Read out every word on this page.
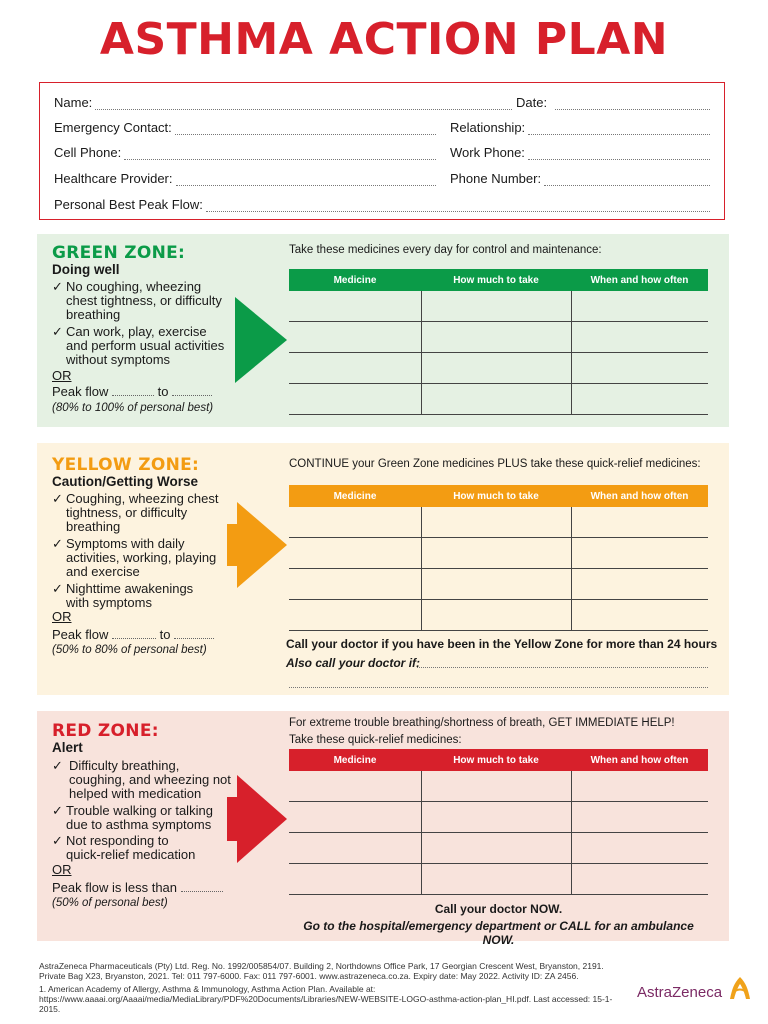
ASTHMA ACTION PLAN
Name:	Date:
Emergency Contact:	Relationship:
Cell Phone:	Work Phone:
Healthcare Provider:	Phone Number:
Personal Best Peak Flow:
GREEN ZONE:
Doing well
✓ No coughing, wheezing chest tightness, or difficulty breathing
✓ Can work, play, exercise and perform usual activities without symptoms
OR
Peak flow	to
(80% to 100% of personal best)
Take these medicines every day for control and maintenance:
Medicine	How much to take	When and how often

YELLOW ZONE:
Caution/Getting Worse
✓ Coughing, wheezing chest tightness, or difficulty breathing
✓ Symptoms with daily activities, working, playing and exercise
✓ Nighttime awakenings with symptoms
OR
Peak flow	to
(50% to 80% of personal best)
CONTINUE your Green Zone medicines PLUS take these quick-relief medicines:
Medicine	How much to take	When and how often

Call your doctor if you have been in the Yellow Zone for more than 24 hours
Also call your doctor if:
RED ZONE:
Alert
✓ Difficulty breathing, coughing, and wheezing not helped with medication
✓ Trouble walking or talking due to asthma symptoms
✓ Not responding to quick-relief medication
OR
Peak flow is less than
(50% of personal best)
For extreme trouble breathing/shortness of breath, GET IMMEDIATE HELP!
Take these quick-relief medicines:
Medicine	How much to take	When and how often

Call your doctor NOW.
Go to the hospital/emergency department or CALL for an ambulance NOW.
AstraZeneca Pharmaceuticals (Pty) Ltd. Reg. No. 1992/005854/07. Building 2, Northdowns Office Park, 17 Georgian Crescent West, Bryanston, 2191.
Private Bag X23, Bryanston, 2021. Tel: 011 797-6000. Fax: 011 797-6001. www.astrazeneca.co.za. Expiry date: May 2022. Activity ID: ZA 2456.
1. American Academy of Allergy, Asthma & Immunology, Asthma Action Plan. Available at:
https://www.aaaai.org/Aaaai/media/MediaLibrary/PDF%20Documents/Libraries/NEW-WEBSITE-LOGO-asthma-action-plan_HI.pdf. Last accessed: 15-1-2015.
AstraZeneca
